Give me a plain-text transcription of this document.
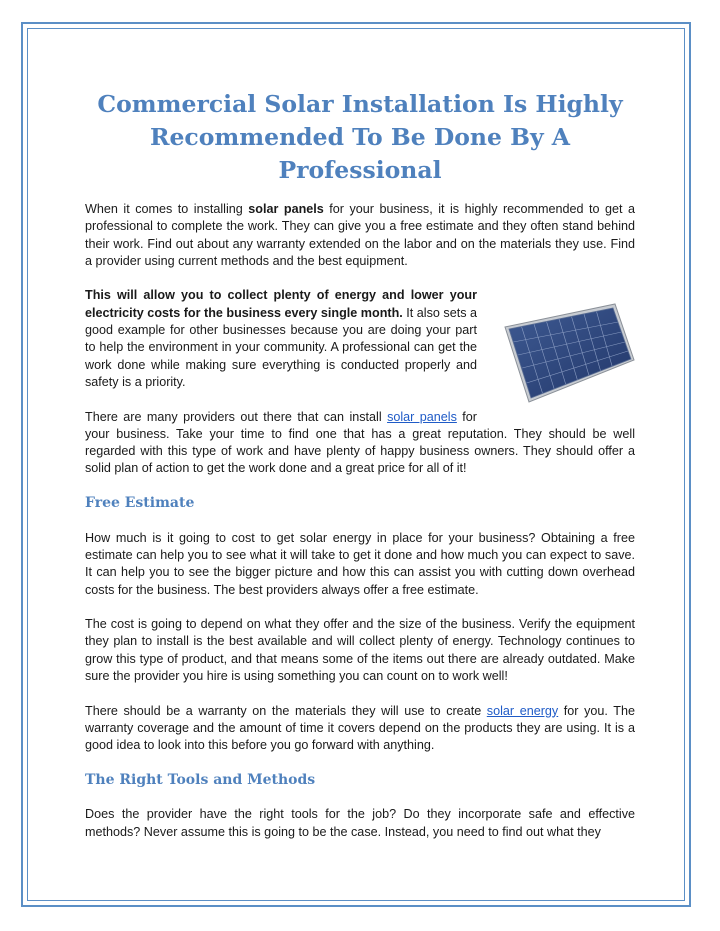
Commercial Solar Installation Is Highly Recommended To Be Done By A Professional

When it comes to installing solar panels for your business, it is highly recommended to get a professional to complete the work. They can give you a free estimate and they often stand behind their work. Find out about any warranty extended on the labor and on the materials they use. Find a provider using current methods and the best equipment.

This will allow you to collect plenty of energy and lower your electricity costs for the business every single month. It also sets a good example for other businesses because you are doing your part to help the environment in your community. A professional can get the work done while making sure everything is conducted properly and safety is a priority.

There are many providers out there that can install solar panels for your business. Take your time to find one that has a great reputation. They should be well regarded with this type of work and have plenty of happy business owners. They should offer a solid plan of action to get the work done and a great price for all of it!

Free Estimate

How much is it going to cost to get solar energy in place for your business? Obtaining a free estimate can help you to see what it will take to get it done and how much you can expect to save. It can help you to see the bigger picture and how this can assist you with cutting down overhead costs for the business. The best providers always offer a free estimate.

The cost is going to depend on what they offer and the size of the business. Verify the equipment they plan to install is the best available and will collect plenty of energy. Technology continues to grow this type of product, and that means some of the items out there are already outdated. Make sure the provider you hire is using something you can count on to work well!

There should be a warranty on the materials they will use to create solar energy for you. The warranty coverage and the amount of time it covers depend on the products they are using. It is a good idea to look into this before you go forward with anything.

The Right Tools and Methods

Does the provider have the right tools for the job? Do they incorporate safe and effective methods? Never assume this is going to be the case. Instead, you need to find out what they
